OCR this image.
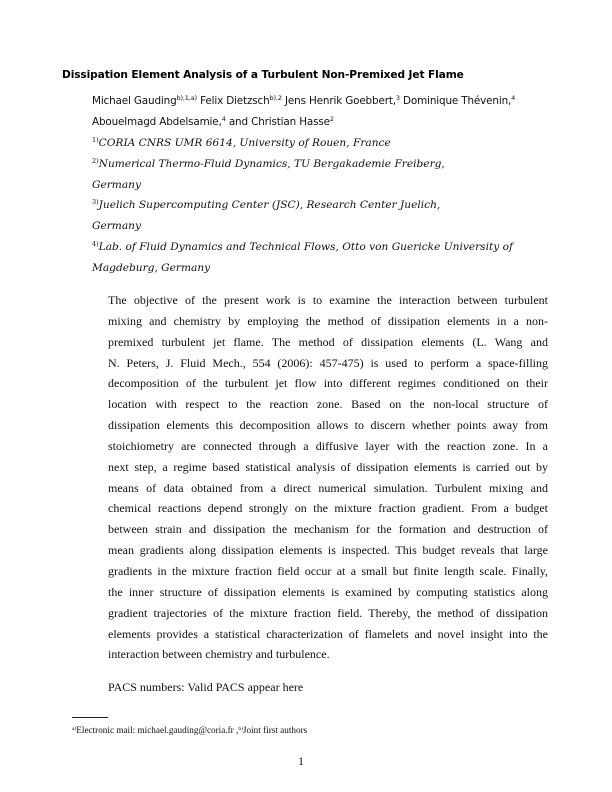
Dissipation Element Analysis of a Turbulent Non-Premixed Jet Flame
Michael Gauding$^{b),1,a)}$ Felix Dietzsch$^{b),2}$ Jens Henrik Goebbert,$^3$ Dominique Thévenin,$^4$
Abouelmagd Abdelsamie,$^4$ and Christian Hasse$^2$
$^{1)}$CORIA CNRS UMR 6614, University of Rouen, France
$^{2)}$Numerical Thermo-Fluid Dynamics, TU Bergakademie Freiberg,
Germany
$^{3)}$Juelich Supercomputing Center (JSC), Research Center Juelich,
Germany
$^{4)}$Lab. of Fluid Dynamics and Technical Flows, Otto von Guericke University of
Magdeburg, Germany
The objective of the present work is to examine the interaction between turbulent
mixing and chemistry by employing the method of dissipation elements in a non-
premixed turbulent jet flame. The method of dissipation elements (L. Wang and
N. Peters, J. Fluid Mech., 554 (2006): 457-475) is used to perform a space-filling
decomposition of the turbulent jet flow into different regimes conditioned on their
location with respect to the reaction zone. Based on the non-local structure of
dissipation elements this decomposition allows to discern whether points away from
stoichiometry are connected through a diffusive layer with the reaction zone. In a
next step, a regime based statistical analysis of dissipation elements is carried out by
means of data obtained from a direct numerical simulation. Turbulent mixing and
chemical reactions depend strongly on the mixture fraction gradient. From a budget
between strain and dissipation the mechanism for the formation and destruction of
mean gradients along dissipation elements is inspected. This budget reveals that large
gradients in the mixture fraction field occur at a small but finite length scale. Finally,
the inner structure of dissipation elements is examined by computing statistics along
gradient trajectories of the mixture fraction field. Thereby, the method of dissipation
elements provides a statistical characterization of flamelets and novel insight into the
interaction between chemistry and turbulence.
PACS numbers: Valid PACS appear here
$^{a)}$Electronic mail: michael.gauding@coria.fr ,$^{b)}$Joint first authors
1
